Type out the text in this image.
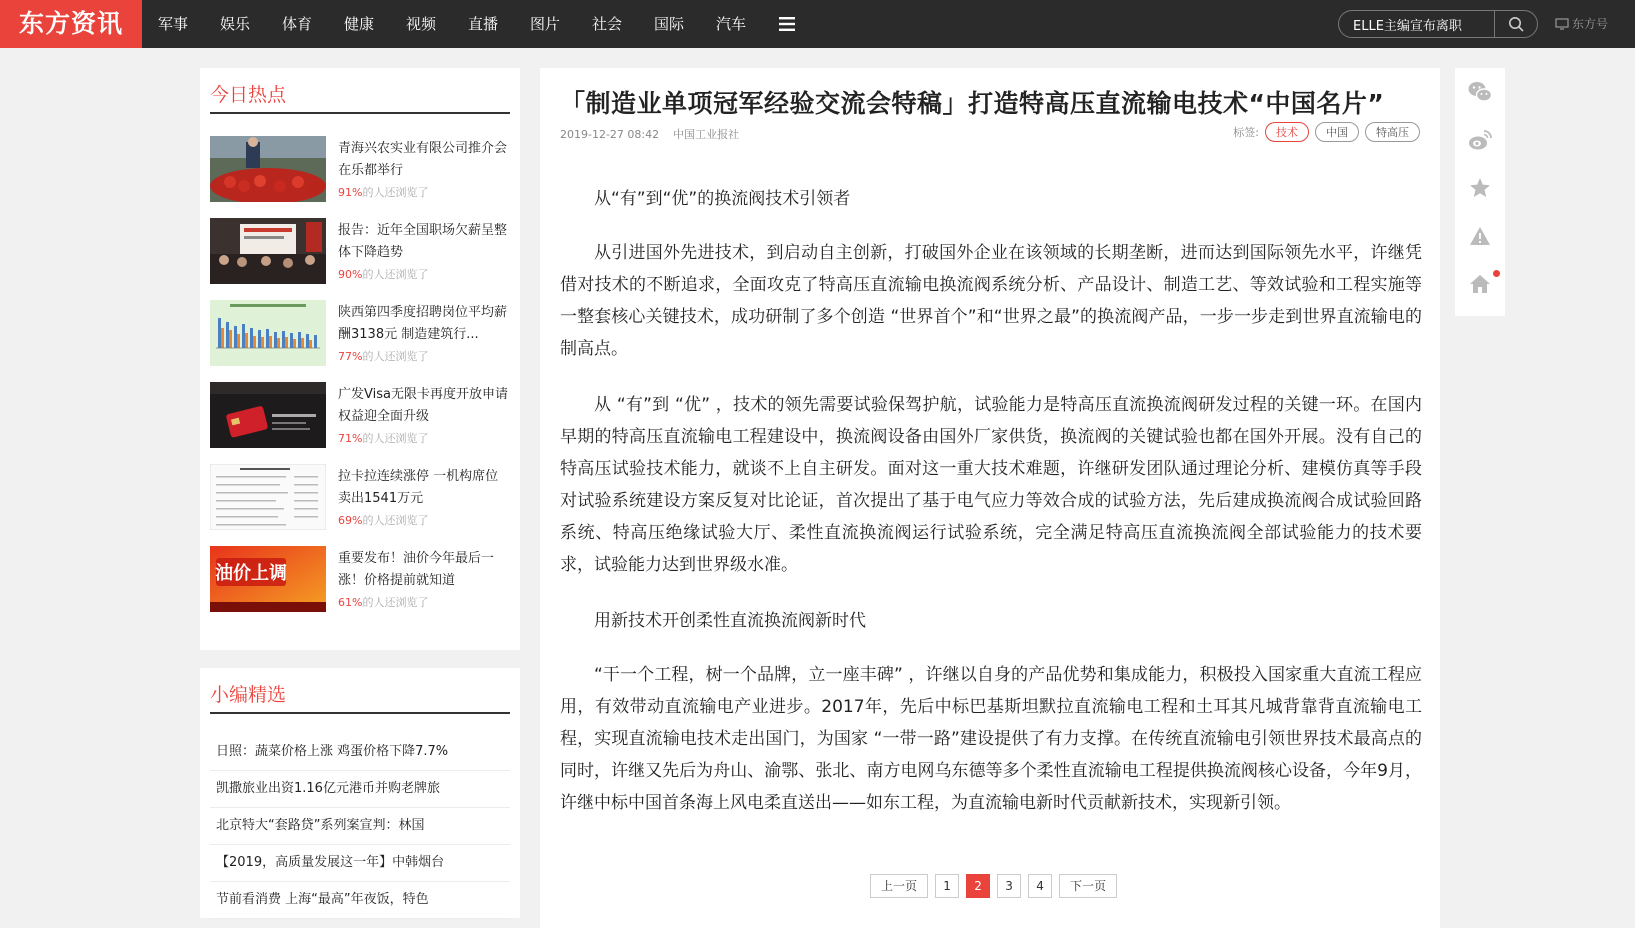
东方资讯	军事	娱乐	体育	健康	视频	直播	图片	社会	国际	汽车
ELLE主编宣布离职	东方号
今日热点
青海兴农实业有限公司推介会在乐都举行
91%的人还浏览了
报告：近年全国职场欠薪呈整体下降趋势
90%的人还浏览了
陕西第四季度招聘岗位平均薪酬3138元 制造建筑行...
77%的人还浏览了
广发Visa无限卡再度开放申请 权益迎全面升级
71%的人还浏览了
拉卡拉连续涨停 一机构席位卖出1541万元
69%的人还浏览了
油价上调
重要发布！油价今年最后一涨！价格提前就知道
61%的人还浏览了
小编精选
日照：蔬菜价格上涨 鸡蛋价格下降7.7%
凯撒旅业出资1.16亿元港币并购老牌旅
北京特大“套路贷”系列案宣判：林国
【2019，高质量发展这一年】中韩烟台
节前看消费 上海“最高”年夜饭，特色
「制造业单项冠军经验交流会特稿」打造特高压直流输电技术“中国名片”
2019-12-27 08:42 中国工业报社	标签:	技术	中国	特高压

从“有”到“优”的换流阀技术引领者

从引进国外先进技术，到启动自主创新，打破国外企业在该领域的长期垄断，进而达到国际领先水平，许继凭借对技术的不断追求，全面攻克了特高压直流输电换流阀系统分析、产品设计、制造工艺、等效试验和工程实施等一整套核心关键技术，成功研制了多个创造 “世界首个”和“世界之最”的换流阀产品，一步一步走到世界直流输电的制高点。

从 “有”到 “优” ，技术的领先需要试验保驾护航，试验能力是特高压直流换流阀研发过程的关键一环。在国内早期的特高压直流输电工程建设中，换流阀设备由国外厂家供货，换流阀的关键试验也都在国外开展。没有自己的特高压试验技术能力，就谈不上自主研发。面对这一重大技术难题，许继研发团队通过理论分析、建模仿真等手段对试验系统建设方案反复对比论证，首次提出了基于电气应力等效合成的试验方法，先后建成换流阀合成试验回路系统、特高压绝缘试验大厅、柔性直流换流阀运行试验系统，完全满足特高压直流换流阀全部试验能力的技术要求，试验能力达到世界级水准。

用新技术开创柔性直流换流阀新时代

“干一个工程，树一个品牌，立一座丰碑” ，许继以自身的产品优势和集成能力，积极投入国家重大直流工程应用，有效带动直流输电产业进步。2017年，先后中标巴基斯坦默拉直流输电工程和土耳其凡城背靠背直流输电工程，实现直流输电技术走出国门，为国家 “一带一路”建设提供了有力支撑。在传统直流输电引领世界技术最高点的同时，许继又先后为舟山、渝鄂、张北、南方电网乌东德等多个柔性直流输电工程提供换流阀核心设备，今年9月，许继中标中国首条海上风电柔直送出——如东工程，为直流输电新时代贡献新技术，实现新引领。

上一页	1	2	3	4	下一页
